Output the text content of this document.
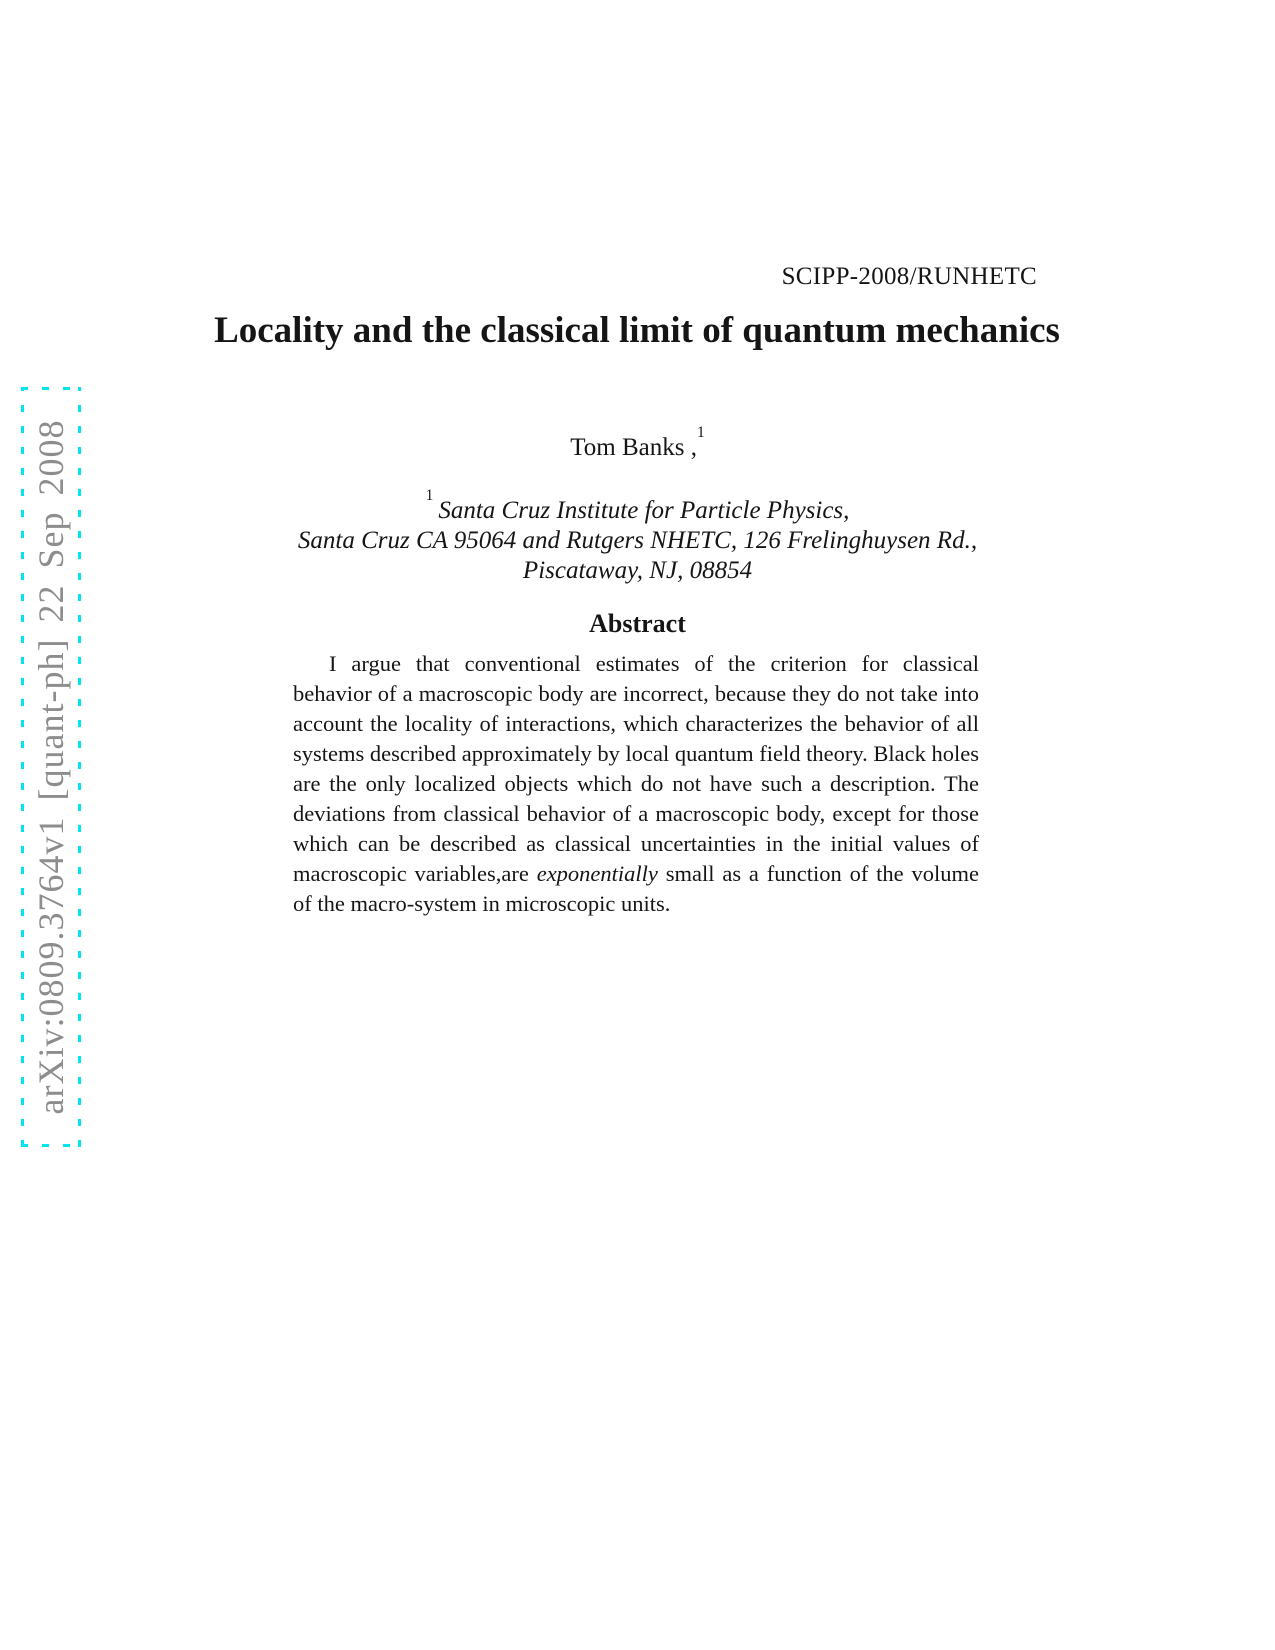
SCIPP-2008/RUNHETC
Locality and the classical limit of quantum mechanics
Tom Banks ,$^1$
$^1$Santa Cruz Institute for Particle Physics,
Santa Cruz CA 95064 and Rutgers NHETC, 126 Frelinghuysen Rd.,
Piscataway, NJ, 08854
Abstract

I argue that conventional estimates of the criterion for classical behavior of a macroscopic body are incorrect, because they do not take into account the locality of interactions, which characterizes the behavior of all systems described approximately by local quantum field theory. Black holes are the only localized objects which do not have such a description. The deviations from classical behavior of a macroscopic body, except for those which can be described as classical uncertainties in the initial values of macroscopic variables,are exponentially small as a function of the volume of the macro-system in microscopic units.

arXiv:0809.3764v1 [quant-ph] 22 Sep 2008
